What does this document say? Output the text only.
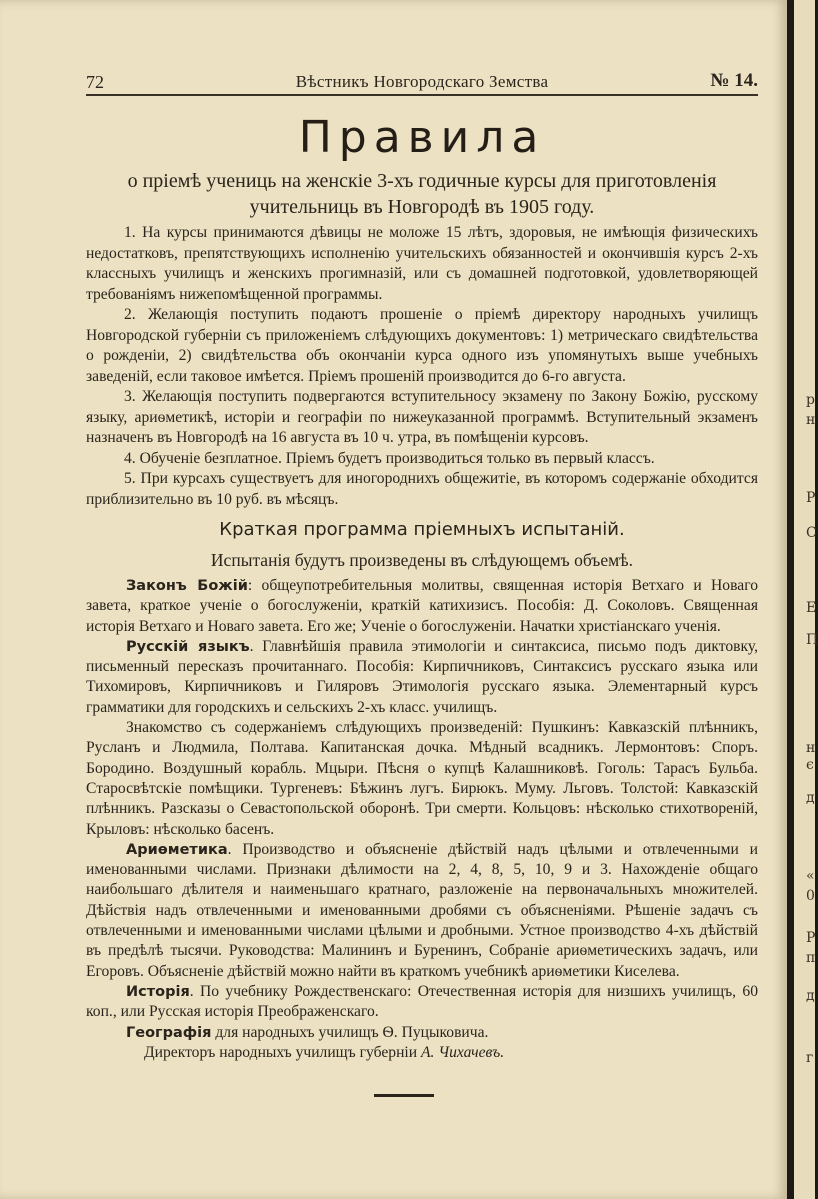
72	Вѣстникъ Новгородскаго Земства	№ 14.
Правила
о пріемѣ учениць на женскіе 3-хъ годичные курсы для приготовленія учительниць въ Новгородѣ въ 1905 году.

1. На курсы принимаются дѣвицы не моложе 15 лѣтъ, здоровыя, не имѣющія физическихъ недостатковъ, препятствующихъ исполненію учительскихъ обязанностей и окончившія курсъ 2-хъ классныхъ училищъ и женскихъ прогимназій, или съ домашней подготовкой, удовлетворяющей требованіямъ нижепомѣщенной программы.

2. Желающія поступить подаютъ прошеніе о пріемѣ директору народныхъ училищъ Новгородской губерніи съ приложеніемъ слѣдующихъ документовъ: 1) метрическаго свидѣтельства о рожденіи, 2) свидѣтельства объ окончаніи курса одного изъ упомянутыхъ выше учебныхъ заведеній, если таковое имѣется. Пріемъ прошеній производится до 6-го августа.

3. Желающія поступить подвергаются вступительносу экзамену по Закону Божію, русскому языку, ариѳметикѣ, исторіи и географіи по нижеуказанной программѣ. Вступительный экзаменъ назначенъ въ Новгородѣ на 16 августа въ 10 ч. утра, въ помѣщеніи курсовъ.

4. Обученіе безплатное. Пріемъ будетъ производиться только въ первый классъ.

5. При курсахъ существуетъ для иногороднихъ общежитіе, въ которомъ содержаніе обходится приблизительно въ 10 руб. въ мѣсяцъ.

Краткая программа пріемныхъ испытаній.
Испытанія будутъ произведены въ слѣдующемъ объемѣ.

Законъ Божій: общеупотребительныя молитвы, священная исторія Ветхаго и Новаго завета, краткое ученіе о богослуженіи, краткій катихизисъ. Пособія: Д. Соколовъ. Священная исторія Ветхаго и Новаго завета. Его же; Ученіе о богослуженіи. Начатки христіанскаго ученія.

Русскій языкъ. Главнѣйшія правила этимологіи и синтаксиса, письмо подъ диктовку, письменный пересказъ прочитаннаго. Пособія: Кирпичниковъ, Синтаксисъ русскаго языка или Тихомировъ, Кирпичниковъ и Гиляровъ Этимологія русскаго языка. Элементарный курсъ грамматики для городскихъ и сельскихъ 2-хъ класс. училищъ.

Знакомство съ содержаніемъ слѣдующихъ произведеній: Пушкинъ: Кавказскій плѣнникъ, Русланъ и Людмила, Полтава. Капитанская дочка. Мѣдный всадникъ. Лермонтовъ: Споръ. Бородино. Воздушный корабль. Мцыри. Пѣсня о купцѣ Калашниковѣ. Гоголь: Тарасъ Бульба. Старосвѣтскіе помѣщики. Тургеневъ: Бѣжинъ лугъ. Бирюкъ. Муму. Льговъ. Толстой: Кавказскій плѣнникъ. Разсказы о Севастопольской оборонѣ. Три смерти. Кольцовъ: нѣсколько стихотвореній, Крыловъ: нѣсколько басенъ.

Ариѳметика. Производство и объясненіе дѣйствій надъ цѣлыми и отвлеченными и именованными числами. Признаки дѣлимости на 2, 4, 8, 5, 10, 9 и 3. Нахожденіе общаго наибольшаго дѣлителя и наименьшаго кратнаго, разложеніе на первоначальныхъ множителей. Дѣйствія надъ отвлеченными и именованными дробями съ объясненіями. Рѣшеніе задачъ съ отвлеченными и именованными числами цѣлыми и дробными. Устное производство 4-хъ дѣйствій въ предѣлѣ тысячи. Руководства: Малининъ и Буренинъ, Собраніе ариѳметическихъ задачъ, или Егоровъ. Объясненіе дѣйствій можно найти въ краткомъ учебникѣ ариѳметики Киселева.

Исторія. По учебнику Рождественскаго: Отечественная исторія для низшихъ училищъ, 60 коп., или Русская исторія Преображенскаго.

Географія для народныхъ училищъ Ѳ. Пуцыковича.

Директоръ народныхъ училищъ губерніи А. Чихачевъ.

р
н
Р
С
Е
П
н
є
д
«
0
Р
п
д
г
